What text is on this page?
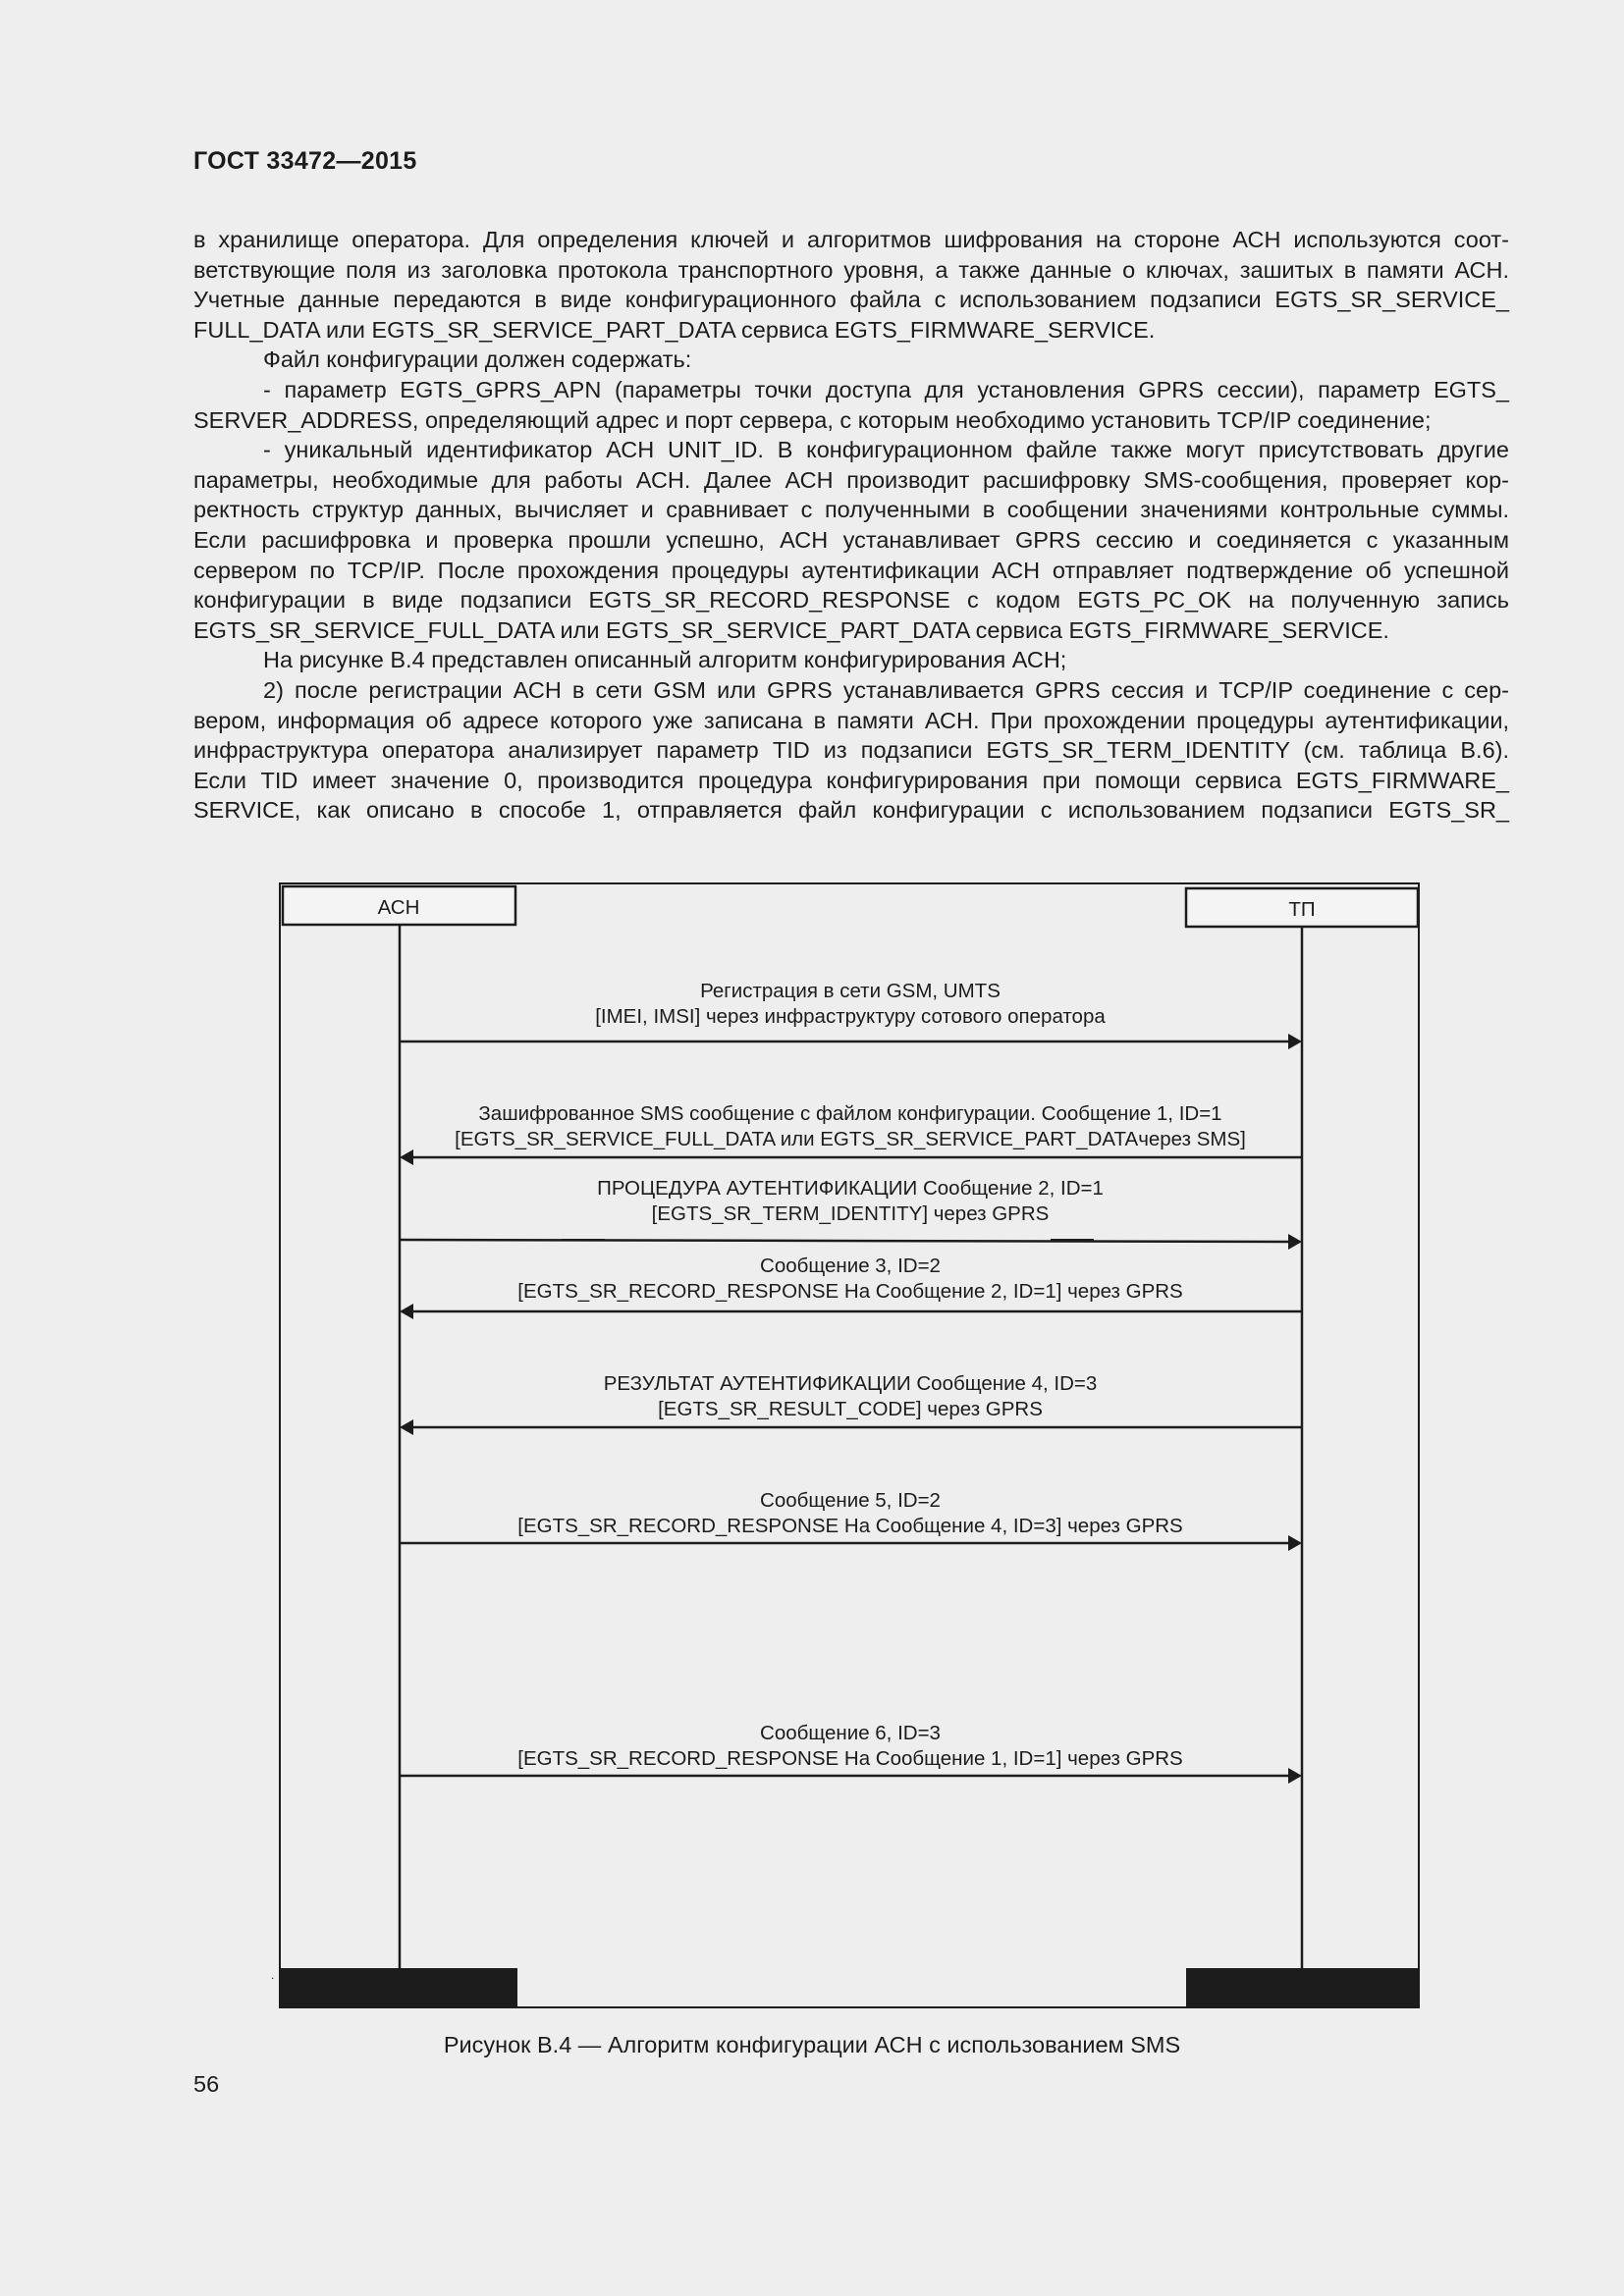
ГОСТ 33472—2015

в хранилище оператора. Для определения ключей и алгоритмов шифрования на стороне АСН используются соот-

ветствующие поля из заголовка протокола транспортного уровня, а также данные о ключах, зашитых в памяти АСН.

Учетные данные передаются в виде конфигурационного файла с использованием подзаписи EGTS_SR_SERVICE_

FULL_DATA или EGTS_SR_SERVICE_PART_DATA сервиса EGTS_FIRMWARE_SERVICE.

Файл конфигурации должен содержать:

- параметр EGTS_GPRS_APN (параметры точки доступа для установления GPRS сессии), параметр EGTS_

SERVER_ADDRESS, определяющий адрес и порт сервера, с которым необходимо установить TCP/IP соединение;

- уникальный идентификатор АСН UNIT_ID. В конфигурационном файле также могут присутствовать другие

параметры, необходимые для работы АСН. Далее АСН производит расшифровку SMS-сообщения, проверяет кор-

ректность структур данных, вычисляет и сравнивает с полученными в сообщении значениями контрольные суммы.

Если расшифровка и проверка прошли успешно, АСН устанавливает GPRS сессию и соединяется с указанным

сервером по TCP/IP. После прохождения процедуры аутентификации АСН отправляет подтверждение об успешной

конфигурации в виде подзаписи EGTS_SR_RECORD_RESPONSE с кодом EGTS_PC_OK на полученную запись

EGTS_SR_SERVICE_FULL_DATA или EGTS_SR_SERVICE_PART_DATA сервиса EGTS_FIRMWARE_SERVICE.

На рисунке В.4 представлен описанный алгоритм конфигурирования АСН;

2) после регистрации АСН в сети GSM или GPRS устанавливается GPRS сессия и TCP/IP соединение с сер-

вером, информация об адресе которого уже записана в памяти АСН. При прохождении процедуры аутентификации,

инфраструктура оператора анализирует параметр TID из подзаписи EGTS_SR_TERM_IDENTITY (см. таблица В.6).

Если TID имеет значение 0, производится процедура конфигурирования при помощи сервиса EGTS_FIRMWARE_

SERVICE, как описано в способе 1, отправляется файл конфигурации с использованием подзаписи EGTS_SR_

АСН	ТП
.
Регистрация в сети GSM, UMTS
[IMEI, IMSI] через инфраструктуру сотового оператора
Зашифрованное SMS сообщение с файлом конфигурации. Сообщение 1, ID=1
[EGTS_SR_SERVICE_FULL_DATA или EGTS_SR_SERVICE_PART_DATAчерез SMS]
ПРОЦЕДУРА АУТЕНТИФИКАЦИИ Сообщение 2, ID=1
[EGTS_SR_TERM_IDENTITY] через GPRS
Сообщение 3, ID=2
[EGTS_SR_RECORD_RESPONSE На Сообщение 2, ID=1] через GPRS
РЕЗУЛЬТАТ АУТЕНТИФИКАЦИИ Сообщение 4, ID=3
[EGTS_SR_RESULT_CODE] через GPRS
Сообщение 5, ID=2
[EGTS_SR_RECORD_RESPONSE На Сообщение 4, ID=3] через GPRS
Сообщение 6, ID=3
[EGTS_SR_RECORD_RESPONSE На Сообщение 1, ID=1] через GPRS
Рисунок В.4 — Алгоритм конфигурации АСН с использованием SMS
56
